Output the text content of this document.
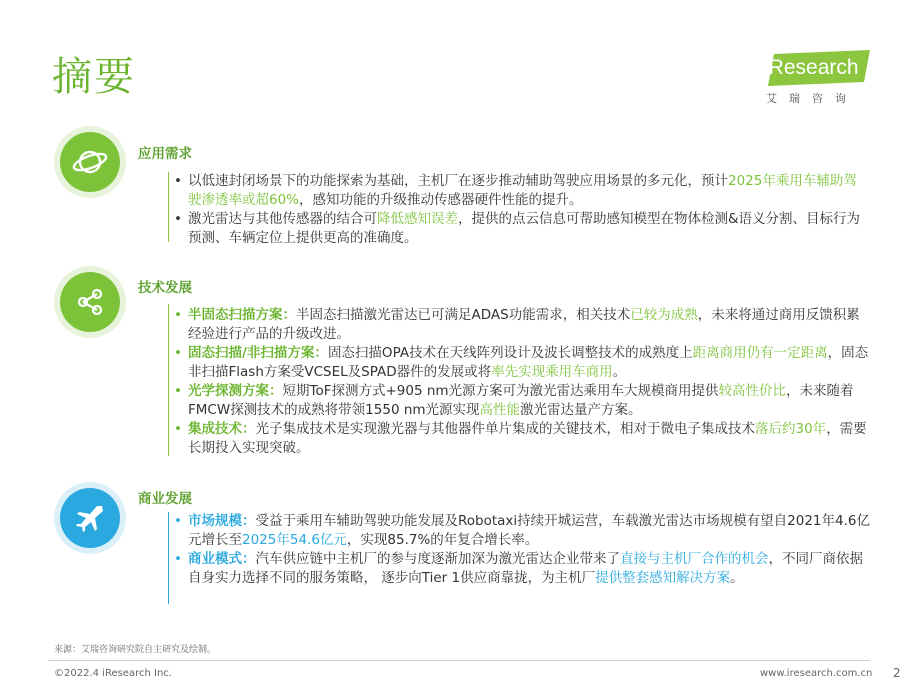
摘要	iResearch
艾瑞咨询
应用需求
• 以低速封闭场景下的功能探索为基础，主机厂在逐步推动辅助驾驶应用场景的多元化，预计2025年乘用车辅助驾驶渗透率或超60%，感知功能的升级推动传感器硬件性能的提升。
• 激光雷达与其他传感器的结合可降低感知误差，提供的点云信息可帮助感知模型在物体检测&语义分割、目标行为预测、车辆定位上提供更高的准确度。
技术发展
• 半固态扫描方案：半固态扫描激光雷达已可满足ADAS功能需求，相关技术已较为成熟，未来将通过商用反馈积累经验进行产品的升级改进。
• 固态扫描/非扫描方案：固态扫描OPA技术在天线阵列设计及波长调整技术的成熟度上距离商用仍有一定距离，固态非扫描Flash方案受VCSEL及SPAD器件的发展或将率先实现乘用车商用。
• 光学探测方案：短期ToF探测方式+905 nm光源方案可为激光雷达乘用车大规模商用提供较高性价比，未来随着FMCW探测技术的成熟将带领1550 nm光源实现高性能激光雷达量产方案。
• 集成技术：光子集成技术是实现激光器与其他器件单片集成的关键技术，相对于微电子集成技术落后约30年，需要长期投入实现突破。
商业发展
• 市场规模：受益于乘用车辅助驾驶功能发展及Robotaxi持续开城运营，车载激光雷达市场规模有望自2021年4.6亿元增长至2025年54.6亿元，实现85.7%的年复合增长率。
• 商业模式：汽车供应链中主机厂的参与度逐渐加深为激光雷达企业带来了直接与主机厂合作的机会，不同厂商依据自身实力选择不同的服务策略， 逐步向Tier 1供应商靠拢，为主机厂提供整套感知解决方案。
来源：艾瑞咨询研究院自主研究及绘制。
©2022.4 iResearch Inc.	www.iresearch.com.cn 2
